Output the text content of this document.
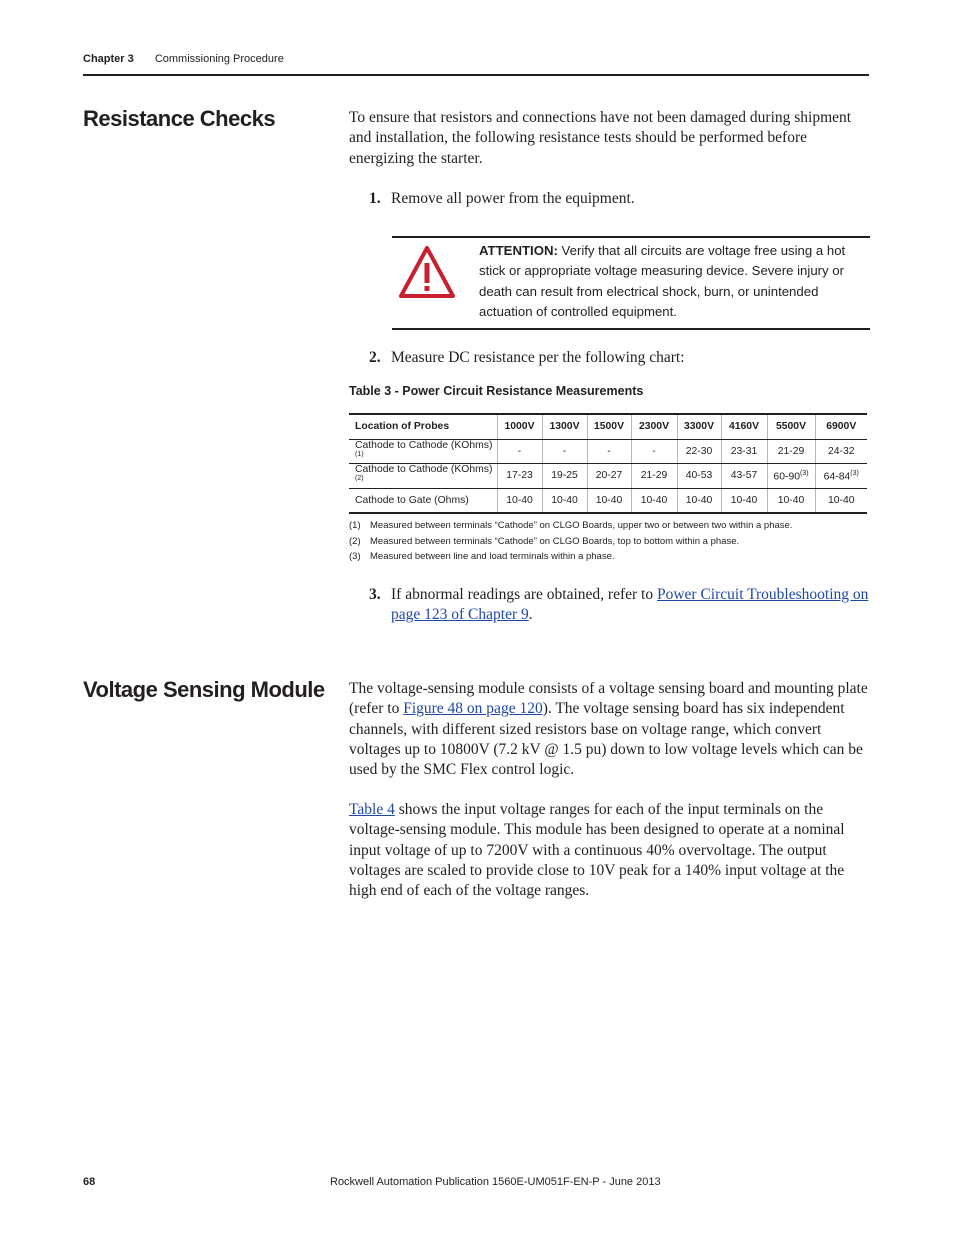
Chapter 3 Commissioning Procedure
Resistance Checks	To ensure that resistors and connections have not been damaged during shipment and installation, the following resistance tests should be performed before energizing the starter.
1. Remove all power from the equipment.
ATTENTION: Verify that all circuits are voltage free using a hot stick or appropriate voltage measuring device. Severe injury or death can result from electrical shock, burn, or unintended actuation of controlled equipment.
2. Measure DC resistance per the following chart:
Table 3 - Power Circuit Resistance Measurements
Location of Probes	1000V	1300V	1500V	2300V	3300V	4160V	5500V	6900V
Cathode to Cathode (KOhms)$^{(1)}$	-	-	-	-	22-30	23-31	21-29	24-32
Cathode to Cathode (KOhms)$^{(2)}$	17-23	19-25	20-27	21-29	40-53	43-57	60-90$^{(3)}$	64-84$^{(3)}$
Cathode to Gate (Ohms)	10-40	10-40	10-40	10-40	10-40	10-40	10-40	10-40
(1) Measured between terminals “Cathode” on CLGO Boards, upper two or between two within a phase.
(2) Measured between terminals “Cathode” on CLGO Boards, top to bottom within a phase.
(3) Measured between line and load terminals within a phase.
3. If abnormal readings are obtained, refer to Power Circuit Troubleshooting on page 123 of Chapter 9.
Voltage Sensing Module The voltage-sensing module consists of a voltage sensing board and mounting plate (refer to Figure 48 on page 120). The voltage sensing board has six independent channels, with different sized resistors base on voltage range, which convert voltages up to 10800V (7.2 kV @ 1.5 pu) down to low voltage levels which can be used by the SMC Flex control logic.
Table 4 shows the input voltage ranges for each of the input terminals on the voltage-sensing module. This module has been designed to operate at a nominal input voltage of up to 7200V with a continuous 40% overvoltage. The output voltages are scaled to provide close to 10V peak for a 140% input voltage at the high end of each of the voltage ranges.
68	Rockwell Automation Publication 1560E-UM051F-EN-P - June 2013
